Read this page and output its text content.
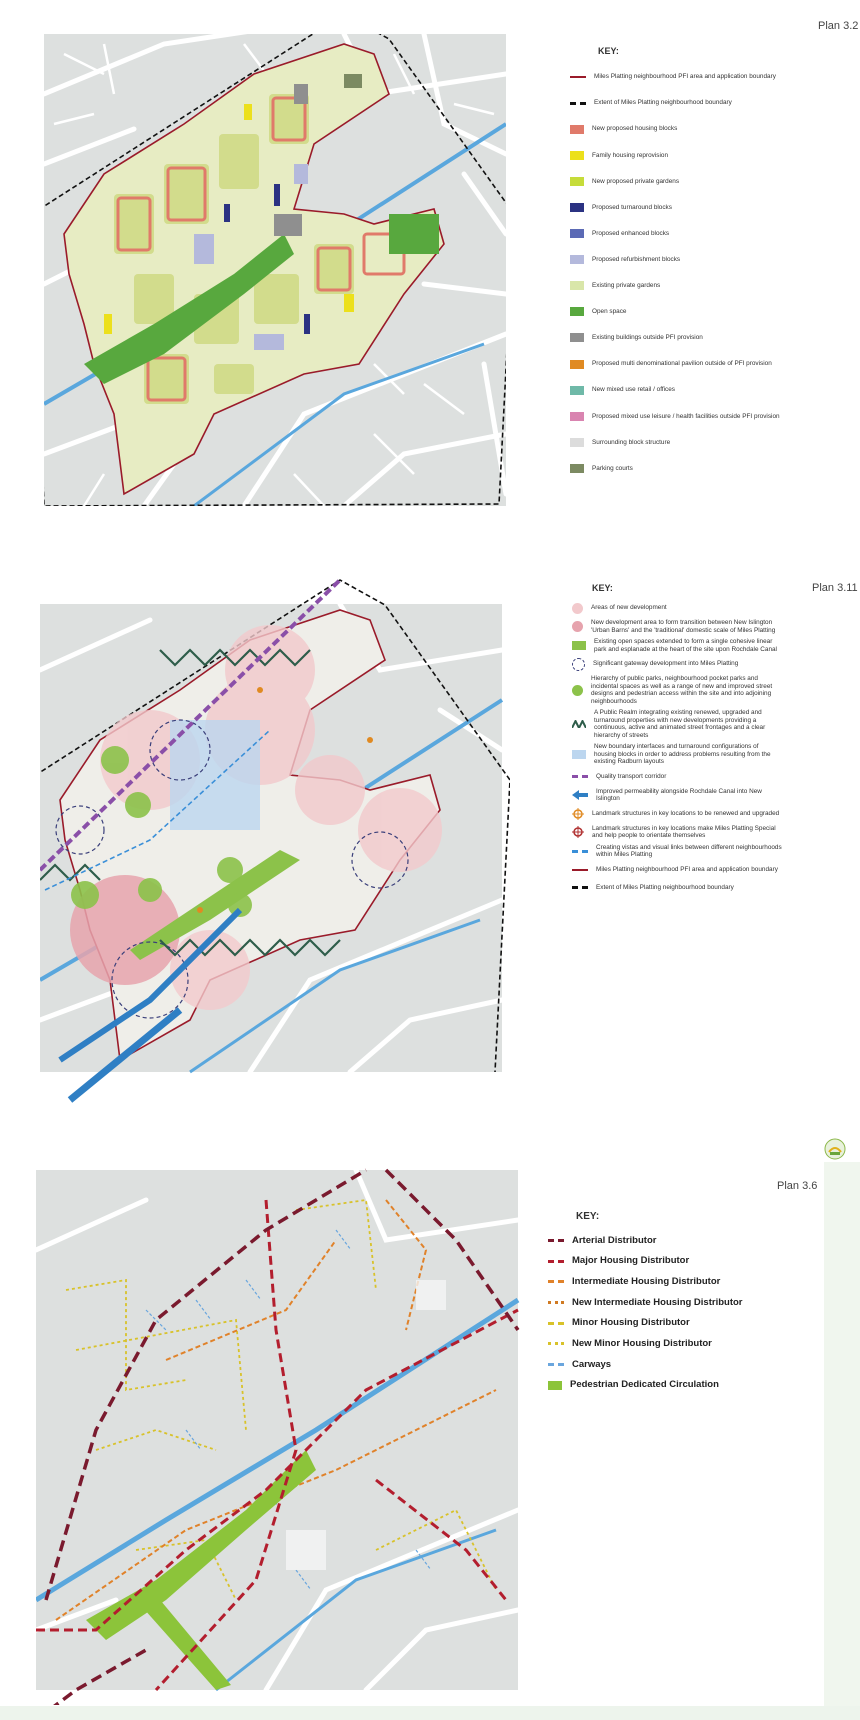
Plan 3.2
KEY:
Miles Platting neighbourhood PFI area and application boundary
Extent of Miles Platting neighbourhood boundary
New proposed housing blocks
Family housing reprovision
New proposed private gardens
Proposed turnaround blocks
Proposed enhanced blocks
Proposed refurbishment blocks
Existing private gardens
Open space
Existing buildings outside PFI provision
Proposed multi denominational pavilion outside of PFI provision
New mixed use retail / offices
Proposed mixed use leisure / health facilities outside PFI provision
Surrounding block structure
Parking courts
Plan 3.11
KEY:
Areas of new development
New development area to form transition between New Islington 'Urban Barns' and the 'traditional' domestic scale of Miles Platting
Existing open spaces extended to form a single cohesive linear park and esplanade at the heart of the site upon Rochdale Canal
Significant gateway development into Miles Platting
Hierarchy of public parks, neighbourhood pocket parks and incidental spaces as well as a range of new and improved street designs and pedestrian access within the site and into adjoining neighbourhoods
A Public Realm integrating existing renewed, upgraded and turnaround properties with new developments providing a continuous, active and animated street frontages and a clear hierarchy of streets
New boundary interfaces and turnaround configurations of housing blocks in order to address problems resulting from the existing Radburn layouts
Quality transport corridor
Improved permeability alongside Rochdale Canal into New Islington
Landmark structures in key locations to be renewed and upgraded
Landmark structures in key locations make Miles Platting Special and help people to orientate themselves
Creating vistas and visual links between different neighbourhoods within Miles Platting
Miles Platting neighbourhood PFI area and application boundary
Extent of Miles Platting neighbourhood boundary
Plan 3.6
KEY:
Arterial Distributor
Major Housing Distributor
Intermediate Housing Distributor
New Intermediate Housing Distributor
Minor Housing Distributor
New Minor Housing Distributor
Carways
Pedestrian Dedicated Circulation
